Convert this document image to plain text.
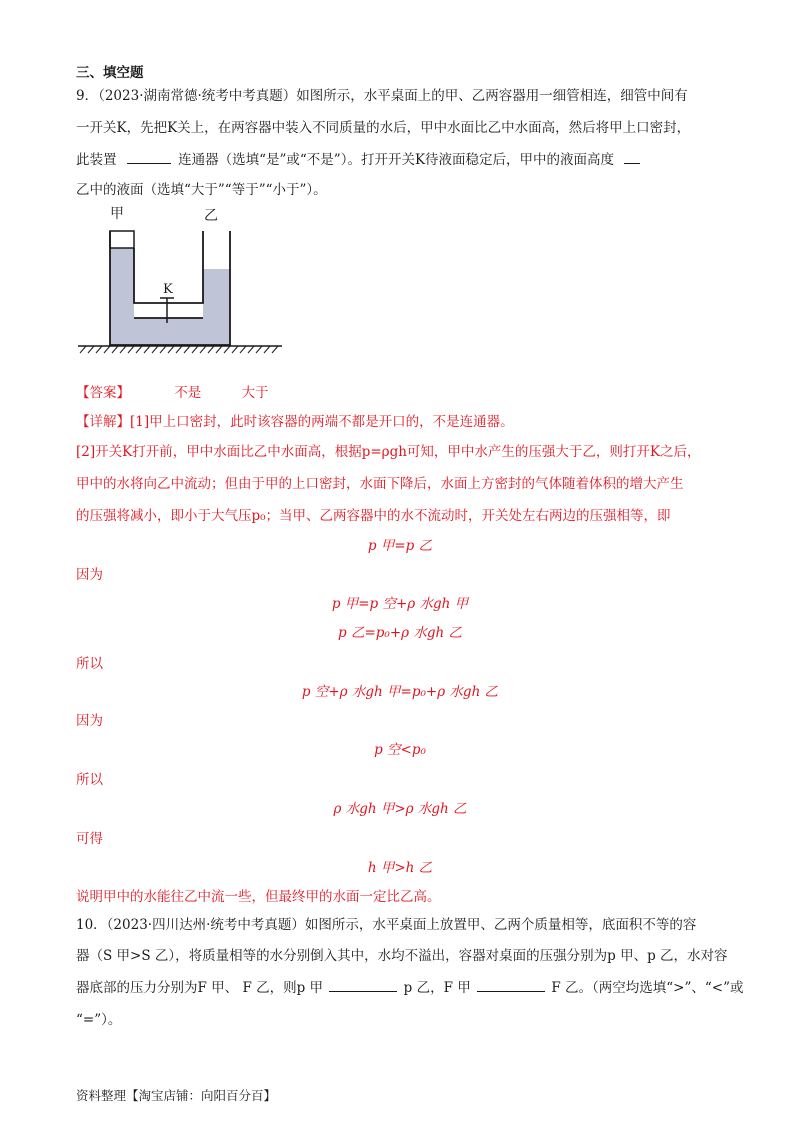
三、填空题
9．（2023·湖南常德·统考中考真题）如图所示，水平桌面上的甲、乙两容器用一细管相连，细管中间有
一开关K，先把K关上，在两容器中装入不同质量的水后，甲中水面比乙中水面高，然后将甲上口密封，
此装置	连通器（选填“是”或“不是”）。打开开关K待液面稳定后，甲中的液面高度
乙中的液面（选填“大于”“等于”“小于”）。
甲	乙
K
【答案】	不是	大于
【详解】[1]甲上口密封，此时该容器的两端不都是开口的，不是连通器。
[2]开关K打开前，甲中水面比乙中水面高，根据p=ρgh可知，甲中水产生的压强大于乙，则打开K之后，
甲中的水将向乙中流动；但由于甲的上口密封，水面下降后，水面上方密封的气体随着体积的增大产生
的压强将减小，即小于大气压p₀；当甲、乙两容器中的水不流动时，开关处左右两边的压强相等，即
p 甲=p 乙
因为
p 甲=p 空+ρ 水gh 甲
p 乙=p₀+ρ 水gh 乙
所以
p 空+ρ 水gh 甲=p₀+ρ 水gh 乙
因为
p 空<p₀
所以
ρ 水gh 甲>ρ 水gh 乙
可得
h 甲>h 乙
说明甲中的水能往乙中流一些，但最终甲的水面一定比乙高。
10．（2023·四川达州·统考中考真题）如图所示，水平桌面上放置甲、乙两个质量相等，底面积不等的容
器（S 甲>S 乙），将质量相等的水分别倒入其中，水均不溢出，容器对桌面的压强分别为p 甲、p 乙，水对容
器底部的压力分别为F 甲、 F 乙，则p 甲	p 乙，F 甲	F 乙。（两空均选填“>”、“<”或
“=”）。
资料整理【淘宝店铺：向阳百分百】
